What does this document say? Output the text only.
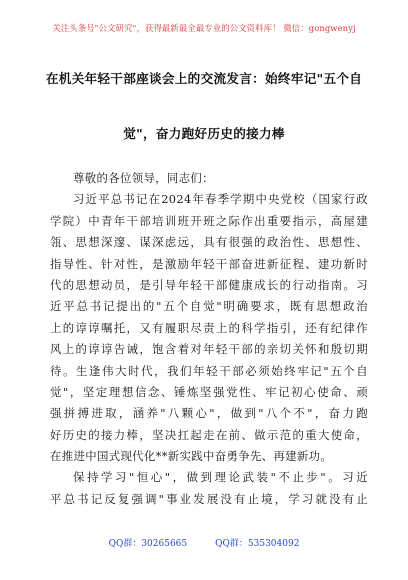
关注头条号"公文研究"，获得最新最全最专业的公文资料库！ 微信：gongwenyj
在机关年轻干部座谈会上的交流发言：始终牢记"五个自
觉"，奋力跑好历史的接力棒
尊敬的各位领导，同志们：
习近平总书记在2024年春季学期中央党校（国家行政
学院）中青年干部培训班开班之际作出重要指示，高屋建
瓴、思想深邃、谋深虑远，具有很强的政治性、思想性、
指导性、针对性，是激励年轻干部奋进新征程、建功新时
代的思想动员，是引导年轻干部健康成长的行动指南。习
近平总书记提出的"五个自觉"明确要求，既有思想政治
上的谆谆嘱托，又有履职尽责上的科学指引，还有纪律作
风上的谆谆告诫，饱含着对年轻干部的亲切关怀和殷切期
待。生逢伟大时代，我们年轻干部必须始终牢记"五个自
觉"，坚定理想信念、锤炼坚强党性、牢记初心使命、顽
强拼搏进取，涵养"八颗心"，做到"八个不"，奋力跑
好历史的接力棒，坚决扛起走在前、做示范的重大使命，
在推进中国式现代化**新实践中奋勇争先、再建新功。
保持学习"恒心"，做到理论武装"不止步"。习近
平总书记反复强调"事业发展没有止境，学习就没有止
QQ群：30265665	QQ群：535304092
